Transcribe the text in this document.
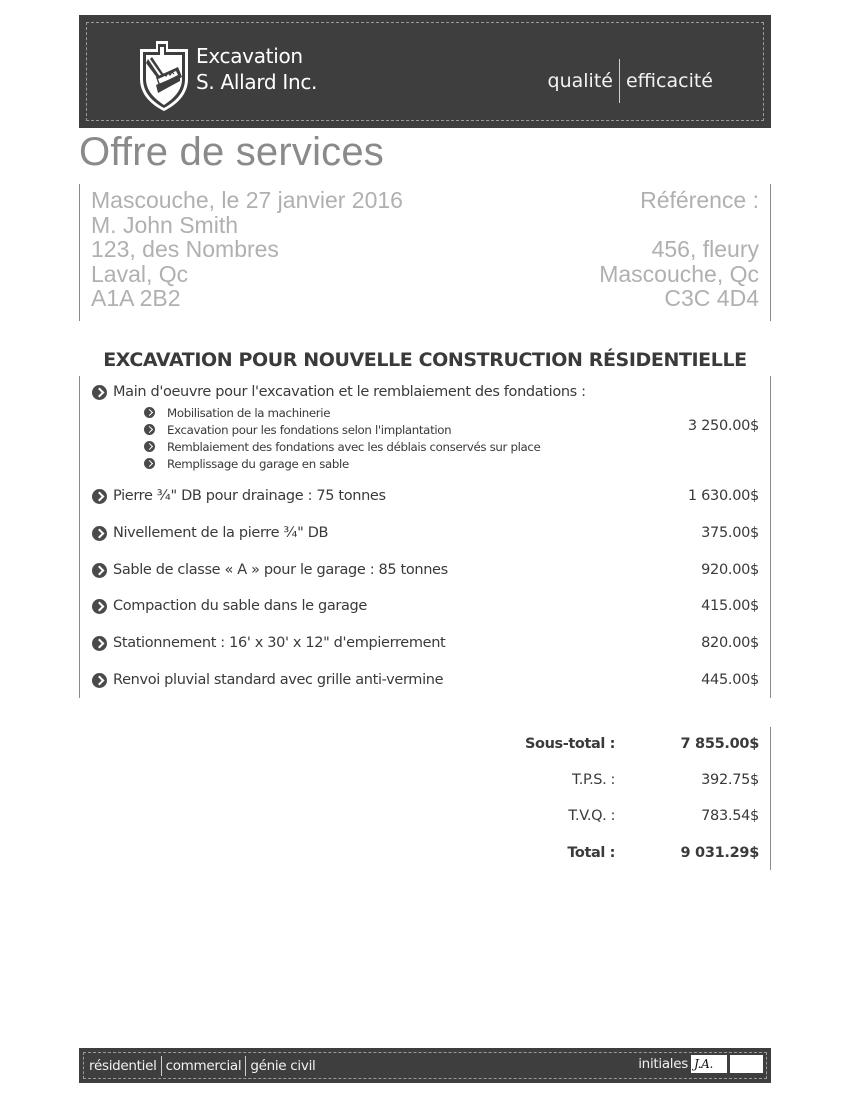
Excavation
S. Allard Inc.	qualité efficacité
Offre de services
Mascouche, le 27 janvier 2016
M. John Smith
123, des Nombres
Laval, Qc
A1A 2B2
Référence :
456, fleury
Mascouche, Qc
C3C 4D4
EXCAVATION POUR NOUVELLE CONSTRUCTION RÉSIDENTIELLE
Main d'oeuvre pour l'excavation et le remblaiement des fondations :
Mobilisation de la machinerie
Excavation pour les fondations selon l'implantation
Remblaiement des fondations avec les déblais conservés sur place
Remplissage du garage en sable
3 250.00$
Pierre ¾" DB pour drainage : 75 tonnes	1 630.00$
Nivellement de la pierre ¾" DB	375.00$
Sable de classe « A » pour le garage : 85 tonnes	920.00$
Compaction du sable dans le garage	415.00$
Stationnement : 16' x 30' x 12" d'empierrement	820.00$
Renvoi pluvial standard avec grille anti-vermine	445.00$
Sous-total :	7 855.00$
T.P.S. :	392.75$
T.V.Q. :	783.54$
Total :	9 031.29$
résidentiel commercial génie civil	initiales J.A.
